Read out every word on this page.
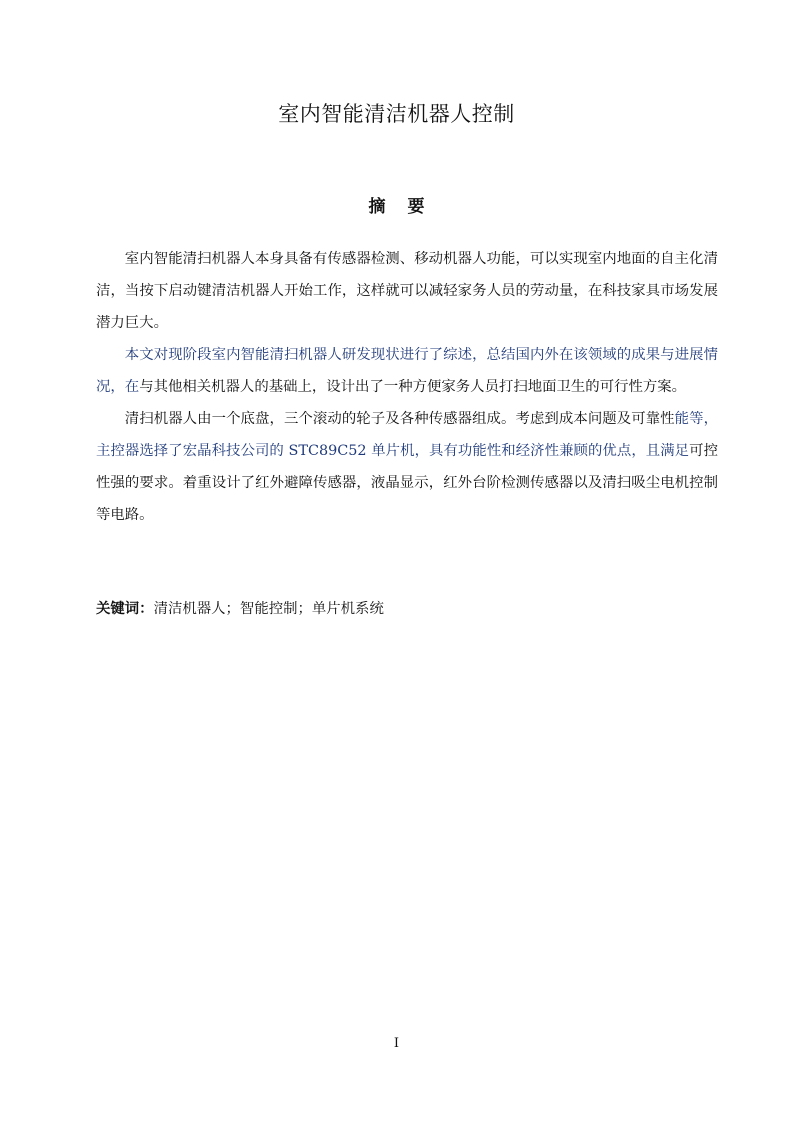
室内智能清洁机器人控制
摘 要

室内智能清扫机器人本身具备有传感器检测、移动机器人功能，可以实现室内地面的自主化清洁，当按下启动键清洁机器人开始工作，这样就可以减轻家务人员的劳动量，在科技家具市场发展潜力巨大。

本文对现阶段室内智能清扫机器人研发现状进行了综述，总结国内外在该领域的成果与进展情况，在与其他相关机器人的基础上，设计出了一种方便家务人员打扫地面卫生的可行性方案。

清扫机器人由一个底盘，三个滚动的轮子及各种传感器组成。考虑到成本问题及可靠性能等，主控器选择了宏晶科技公司的 STC89C52 单片机，具有功能性和经济性兼顾的优点，且满足可控性强的要求。着重设计了红外避障传感器，液晶显示，红外台阶检测传感器以及清扫吸尘电机控制等电路。

关键词：清洁机器人；智能控制；单片机系统
I
